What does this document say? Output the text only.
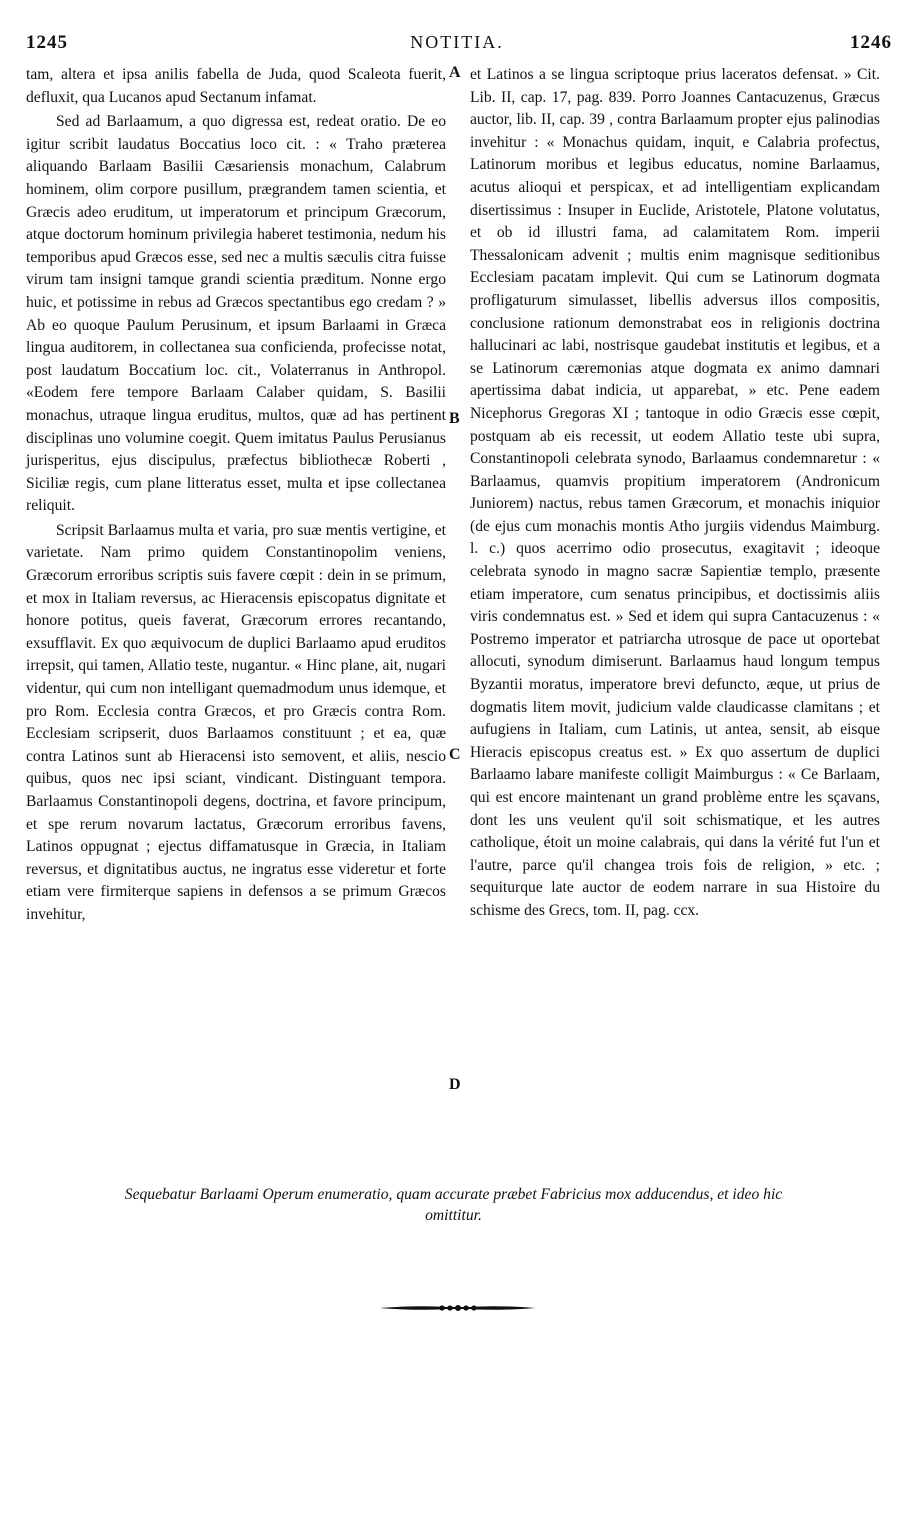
1245	NOTITIA.	1246

tam, altera et ipsa anilis fabella de Juda, quod Scaleota fuerit, defluxit, qua Lucanos apud Sectanum infamat.

Sed ad Barlaamum, a quo digressa est, redeat oratio. De eo igitur scribit laudatus Boccatius loco cit. : « Traho præterea aliquando Barlaam Basilii Cæsariensis monachum, Calabrum hominem, olim corpore pusillum, prægrandem tamen scientia, et Græcis adeo eruditum, ut imperatorum et principum Græcorum, atque doctorum hominum privilegia haberet testimonia, nedum his temporibus apud Græcos esse, sed nec a multis sæculis citra fuisse virum tam insigni tamque grandi scientia præditum. Nonne ergo huic, et potissime in rebus ad Græcos spectantibus ego credam ? » Ab eo quoque Paulum Perusinum, et ipsum Barlaami in Græca lingua auditorem, in collectanea sua conficienda, profecisse notat, post laudatum Boccatium loc. cit., Volaterranus in Anthropol. «Eodem fere tempore Barlaam Calaber quidam, S. Basilii monachus, utraque lingua eruditus, multos, quæ ad has pertinent disciplinas uno volumine coegit. Quem imitatus Paulus Perusianus jurisperitus, ejus discipulus, præfectus bibliothecæ Roberti , Siciliæ regis, cum plane litteratus esset, multa et ipse collectanea reliquit.

Scripsit Barlaamus multa et varia, pro suæ mentis vertigine, et varietate. Nam primo quidem Constantinopolim veniens, Græcorum erroribus scriptis suis favere cœpit : dein in se primum, et mox in Italiam reversus, ac Hieracensis episcopatus dignitate et honore potitus, queis faverat, Græcorum errores recantando, exsufflavit. Ex quo æquivocum de duplici Barlaamo apud eruditos irrepsit, qui tamen, Allatio teste, nugantur. « Hinc plane, ait, nugari videntur, qui cum non intelligant quemadmodum unus idemque, et pro Rom. Ecclesia contra Græcos, et pro Græcis contra Rom. Ecclesiam scripserit, duos Barlaamos constituunt ; et ea, quæ contra Latinos sunt ab Hieracensi isto semovent, et aliis, nescio quibus, quos nec ipsi sciant, vindicant. Distinguant tempora. Barlaamus Constantinopoli degens, doctrina, et favore principum, et spe rerum novarum lactatus, Græcorum erroribus favens, Latinos oppugnat ; ejectus diffamatusque in Græcia, in Italiam reversus, et dignitatibus auctus, ne ingratus esse videretur et forte etiam vere firmiterque sapiens in defensos a se primum Græcos invehitur,

A
B
C
D

et Latinos a se lingua scriptoque prius laceratos defensat. » Cit. Lib. II, cap. 17, pag. 839. Porro Joannes Cantacuzenus, Græcus auctor, lib. II, cap. 39 , contra Barlaamum propter ejus palinodias invehitur : « Monachus quidam, inquit, e Calabria profectus, Latinorum moribus et legibus educatus, nomine Barlaamus, acutus alioqui et perspicax, et ad intelligentiam explicandam disertissimus : Insuper in Euclide, Aristotele, Platone volutatus, et ob id illustri fama, ad calamitatem Rom. imperii Thessalonicam advenit ; multis enim magnisque seditionibus Ecclesiam pacatam implevit. Qui cum se Latinorum dogmata profligaturum simulasset, libellis adversus illos compositis, conclusione rationum demonstrabat eos in religionis doctrina hallucinari ac labi, nostrisque gaudebat institutis et legibus, et a se Latinorum cæremonias atque dogmata ex animo damnari apertissima dabat indicia, ut apparebat, » etc. Pene eadem Nicephorus Gregoras XI ; tantoque in odio Græcis esse cœpit, postquam ab eis recessit, ut eodem Allatio teste ubi supra, Constantinopoli celebrata synodo, Barlaamus condemnaretur : « Barlaamus, quamvis propitium imperatorem (Andronicum Juniorem) nactus, rebus tamen Græcorum, et monachis iniquior (de ejus cum monachis montis Atho jurgiis videndus Maimburg. l. c.) quos acerrimo odio prosecutus, exagitavit ; ideoque celebrata synodo in magno sacræ Sapientiæ templo, præsente etiam imperatore, cum senatus principibus, et doctissimis aliis viris condemnatus est. » Sed et idem qui supra Cantacuzenus : « Postremo imperator et patriarcha utrosque de pace ut oportebat allocuti, synodum dimiserunt. Barlaamus haud longum tempus Byzantii moratus, imperatore brevi defuncto, æque, ut prius de dogmatis litem movit, judicium valde claudicasse clamitans ; et aufugiens in Italiam, cum Latinis, ut antea, sensit, ab eisque Hieracis episcopus creatus est. » Ex quo assertum de duplici Barlaamo labare manifeste colligit Maimburgus : « Ce Barlaam, qui est encore maintenant un grand problème entre les sçavans, dont les uns veulent qu'il soit schismatique, et les autres catholique, étoit un moine calabrais, qui dans la vérité fut l'un et l'autre, parce qu'il changea trois fois de religion, » etc. ; sequiturque late auctor de eodem narrare in sua Histoire du schisme des Grecs, tom. II, pag. ccx.

Sequebatur Barlaami Operum enumeratio, quam accurate præbet Fabricius mox adducendus, et ideo hic
omittitur.
